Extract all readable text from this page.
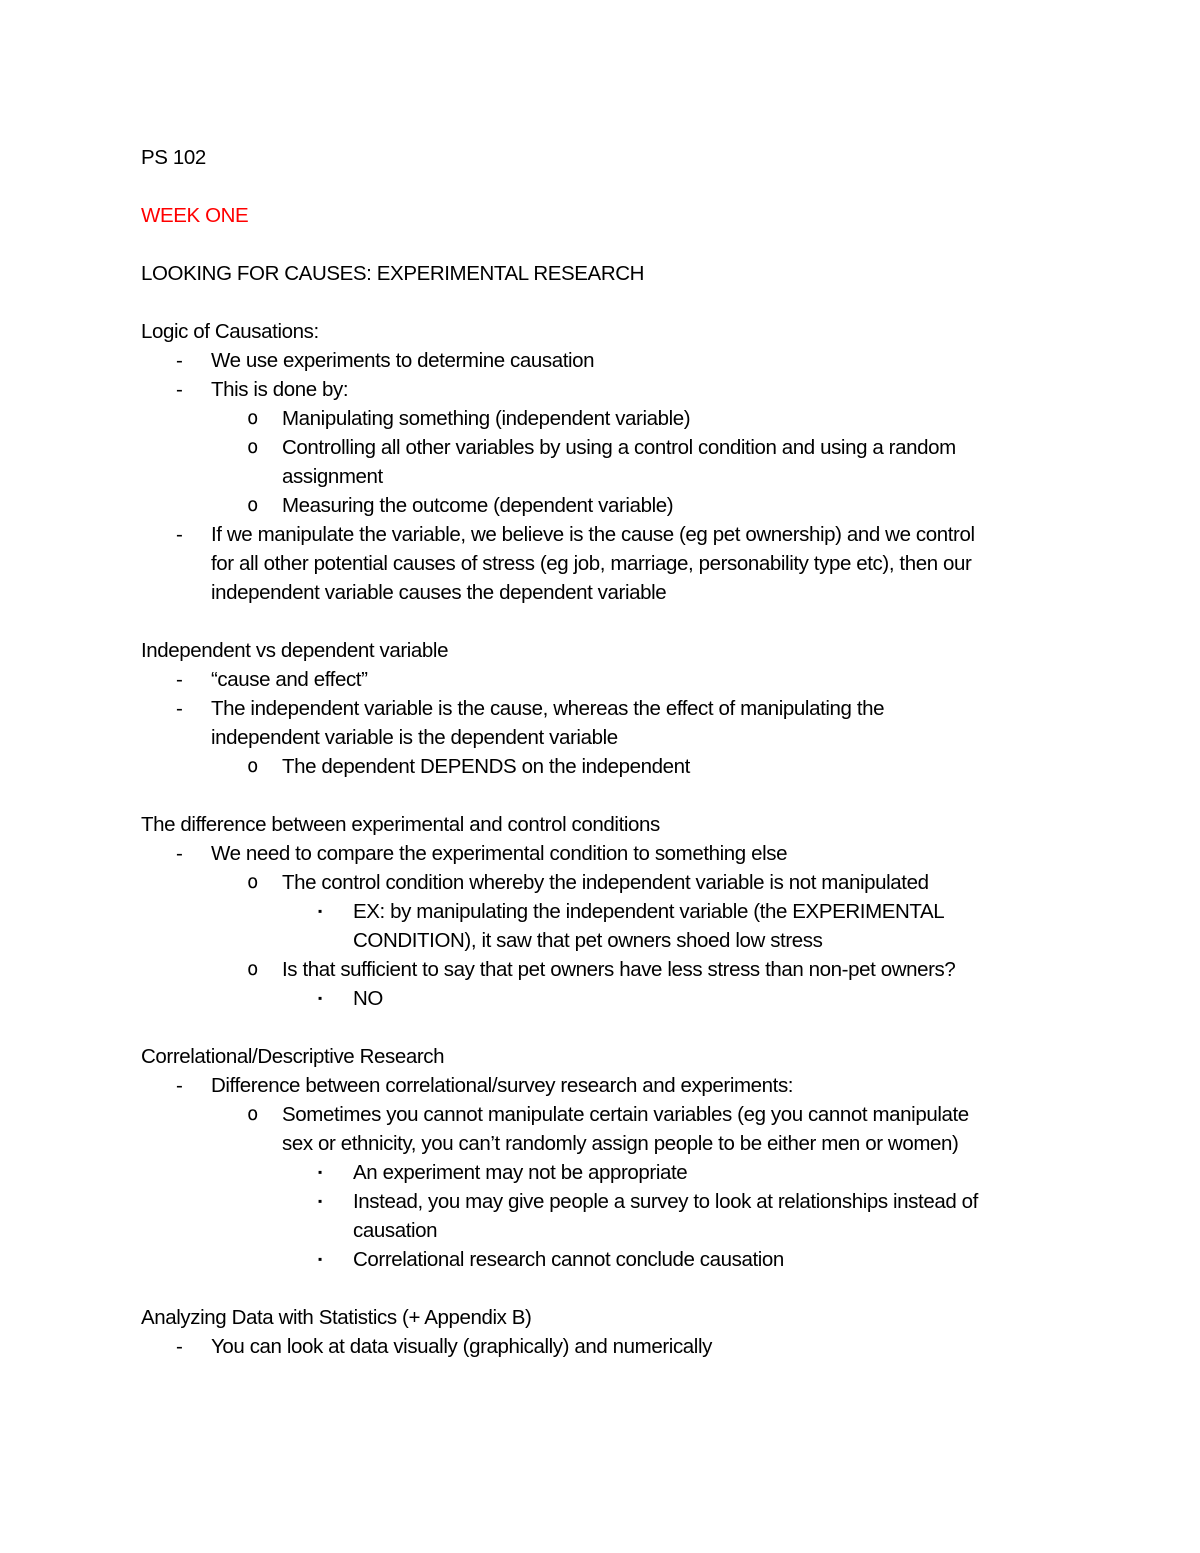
PS 102

WEEK ONE

LOOKING FOR CAUSES: EXPERIMENTAL RESEARCH

Logic of Causations:

- We use experiments to determine causation

- This is done by:

o Manipulating something (independent variable)

o Controlling all other variables by using a control condition and using a random

assignment

o Measuring the outcome (dependent variable)

- If we manipulate the variable, we believe is the cause (eg pet ownership) and we control

for all other potential causes of stress (eg job, marriage, personability type etc), then our

independent variable causes the dependent variable

Independent vs dependent variable

- “cause and effect”

- The independent variable is the cause, whereas the effect of manipulating the

independent variable is the dependent variable

o The dependent DEPENDS on the independent

The difference between experimental and control conditions

- We need to compare the experimental condition to something else

o The control condition whereby the independent variable is not manipulated

▪ EX: by manipulating the independent variable (the EXPERIMENTAL

CONDITION), it saw that pet owners shoed low stress

o Is that sufficient to say that pet owners have less stress than non-pet owners?

▪ NO

Correlational/Descriptive Research

- Difference between correlational/survey research and experiments:

o Sometimes you cannot manipulate certain variables (eg you cannot manipulate

sex or ethnicity, you can’t randomly assign people to be either men or women)

▪ An experiment may not be appropriate

▪ Instead, you may give people a survey to look at relationships instead of

causation

▪ Correlational research cannot conclude causation

Analyzing Data with Statistics (+ Appendix B)

- You can look at data visually (graphically) and numerically
